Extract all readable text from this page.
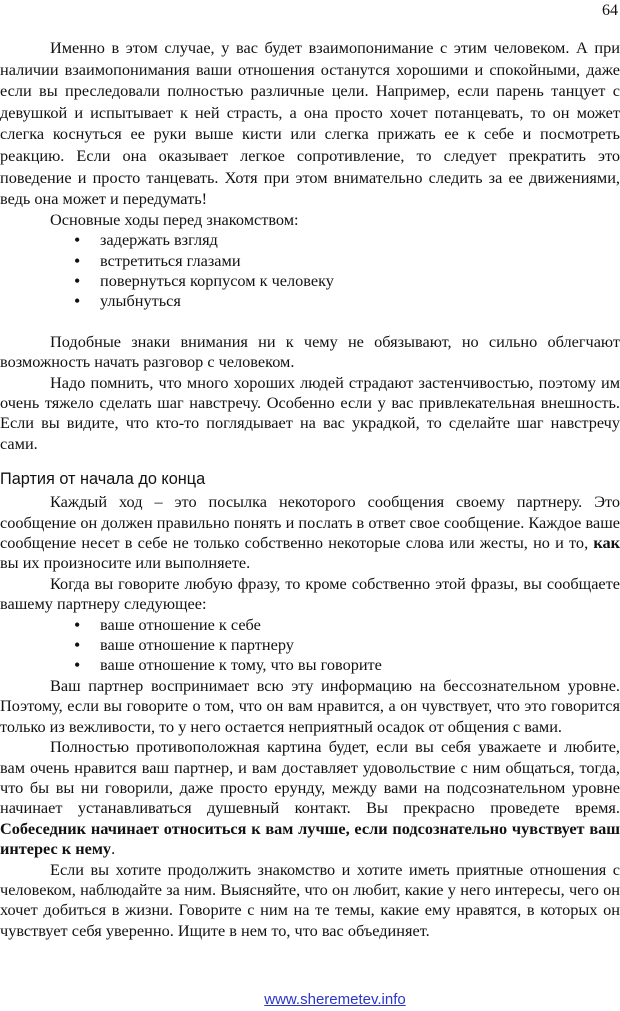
64

Именно в этом случае, у вас будет взаимопонимание с этим человеком. А при наличии взаимопонимания ваши отношения останутся хорошими и спокойными, даже если вы преследовали полностью различные цели. Например, если парень танцует с девушкой и испытывает к ней страсть, а она просто хочет потанцевать, то он может слегка коснуться ее руки выше кисти или слегка прижать ее к себе и посмотреть реакцию. Если она оказывает легкое сопротивление, то следует прекратить это поведение и просто танцевать. Хотя при этом внимательно следить за ее движениями, ведь она может и передумать!

Основные ходы перед знакомством:

• задержать взгляд
• встретиться глазами
• повернуться корпусом к человеку
• улыбнуться

Подобные знаки внимания ни к чему не обязывают, но сильно облегчают возможность начать разговор с человеком.

Надо помнить, что много хороших людей страдают застенчивостью, поэтому им очень тяжело сделать шаг навстречу. Особенно если у вас привлекательная внешность. Если вы видите, что кто-то поглядывает на вас украдкой, то сделайте шаг навстречу сами.

Партия от начала до конца

Каждый ход – это посылка некоторого сообщения своему партнеру. Это сообщение он должен правильно понять и послать в ответ свое сообщение. Каждое ваше сообщение несет в себе не только собственно некоторые слова или жесты, но и то, как вы их произносите или выполняете.

Когда вы говорите любую фразу, то кроме собственно этой фразы, вы сообщаете вашему партнеру следующее:

• ваше отношение к себе
• ваше отношение к партнеру
• ваше отношение к тому, что вы говорите

Ваш партнер воспринимает всю эту информацию на бессознательном уровне. Поэтому, если вы говорите о том, что он вам нравится, а он чувствует, что это говорится только из вежливости, то у него остается неприятный осадок от общения с вами.

Полностью противоположная картина будет, если вы себя уважаете и любите, вам очень нравится ваш партнер, и вам доставляет удовольствие с ним общаться, тогда, что бы вы ни говорили, даже просто ерунду, между вами на подсознательном уровне начинает устанавливаться душевный контакт. Вы прекрасно проведете время. Собеседник начинает относиться к вам лучше, если подсознательно чувствует ваш интерес к нему.

Если вы хотите продолжить знакомство и хотите иметь приятные отношения с человеком, наблюдайте за ним. Выясняйте, что он любит, какие у него интересы, чего он хочет добиться в жизни. Говорите с ним на те темы, какие ему нравятся, в которых он чувствует себя уверенно. Ищите в нем то, что вас объединяет.

www.sheremetev.info
